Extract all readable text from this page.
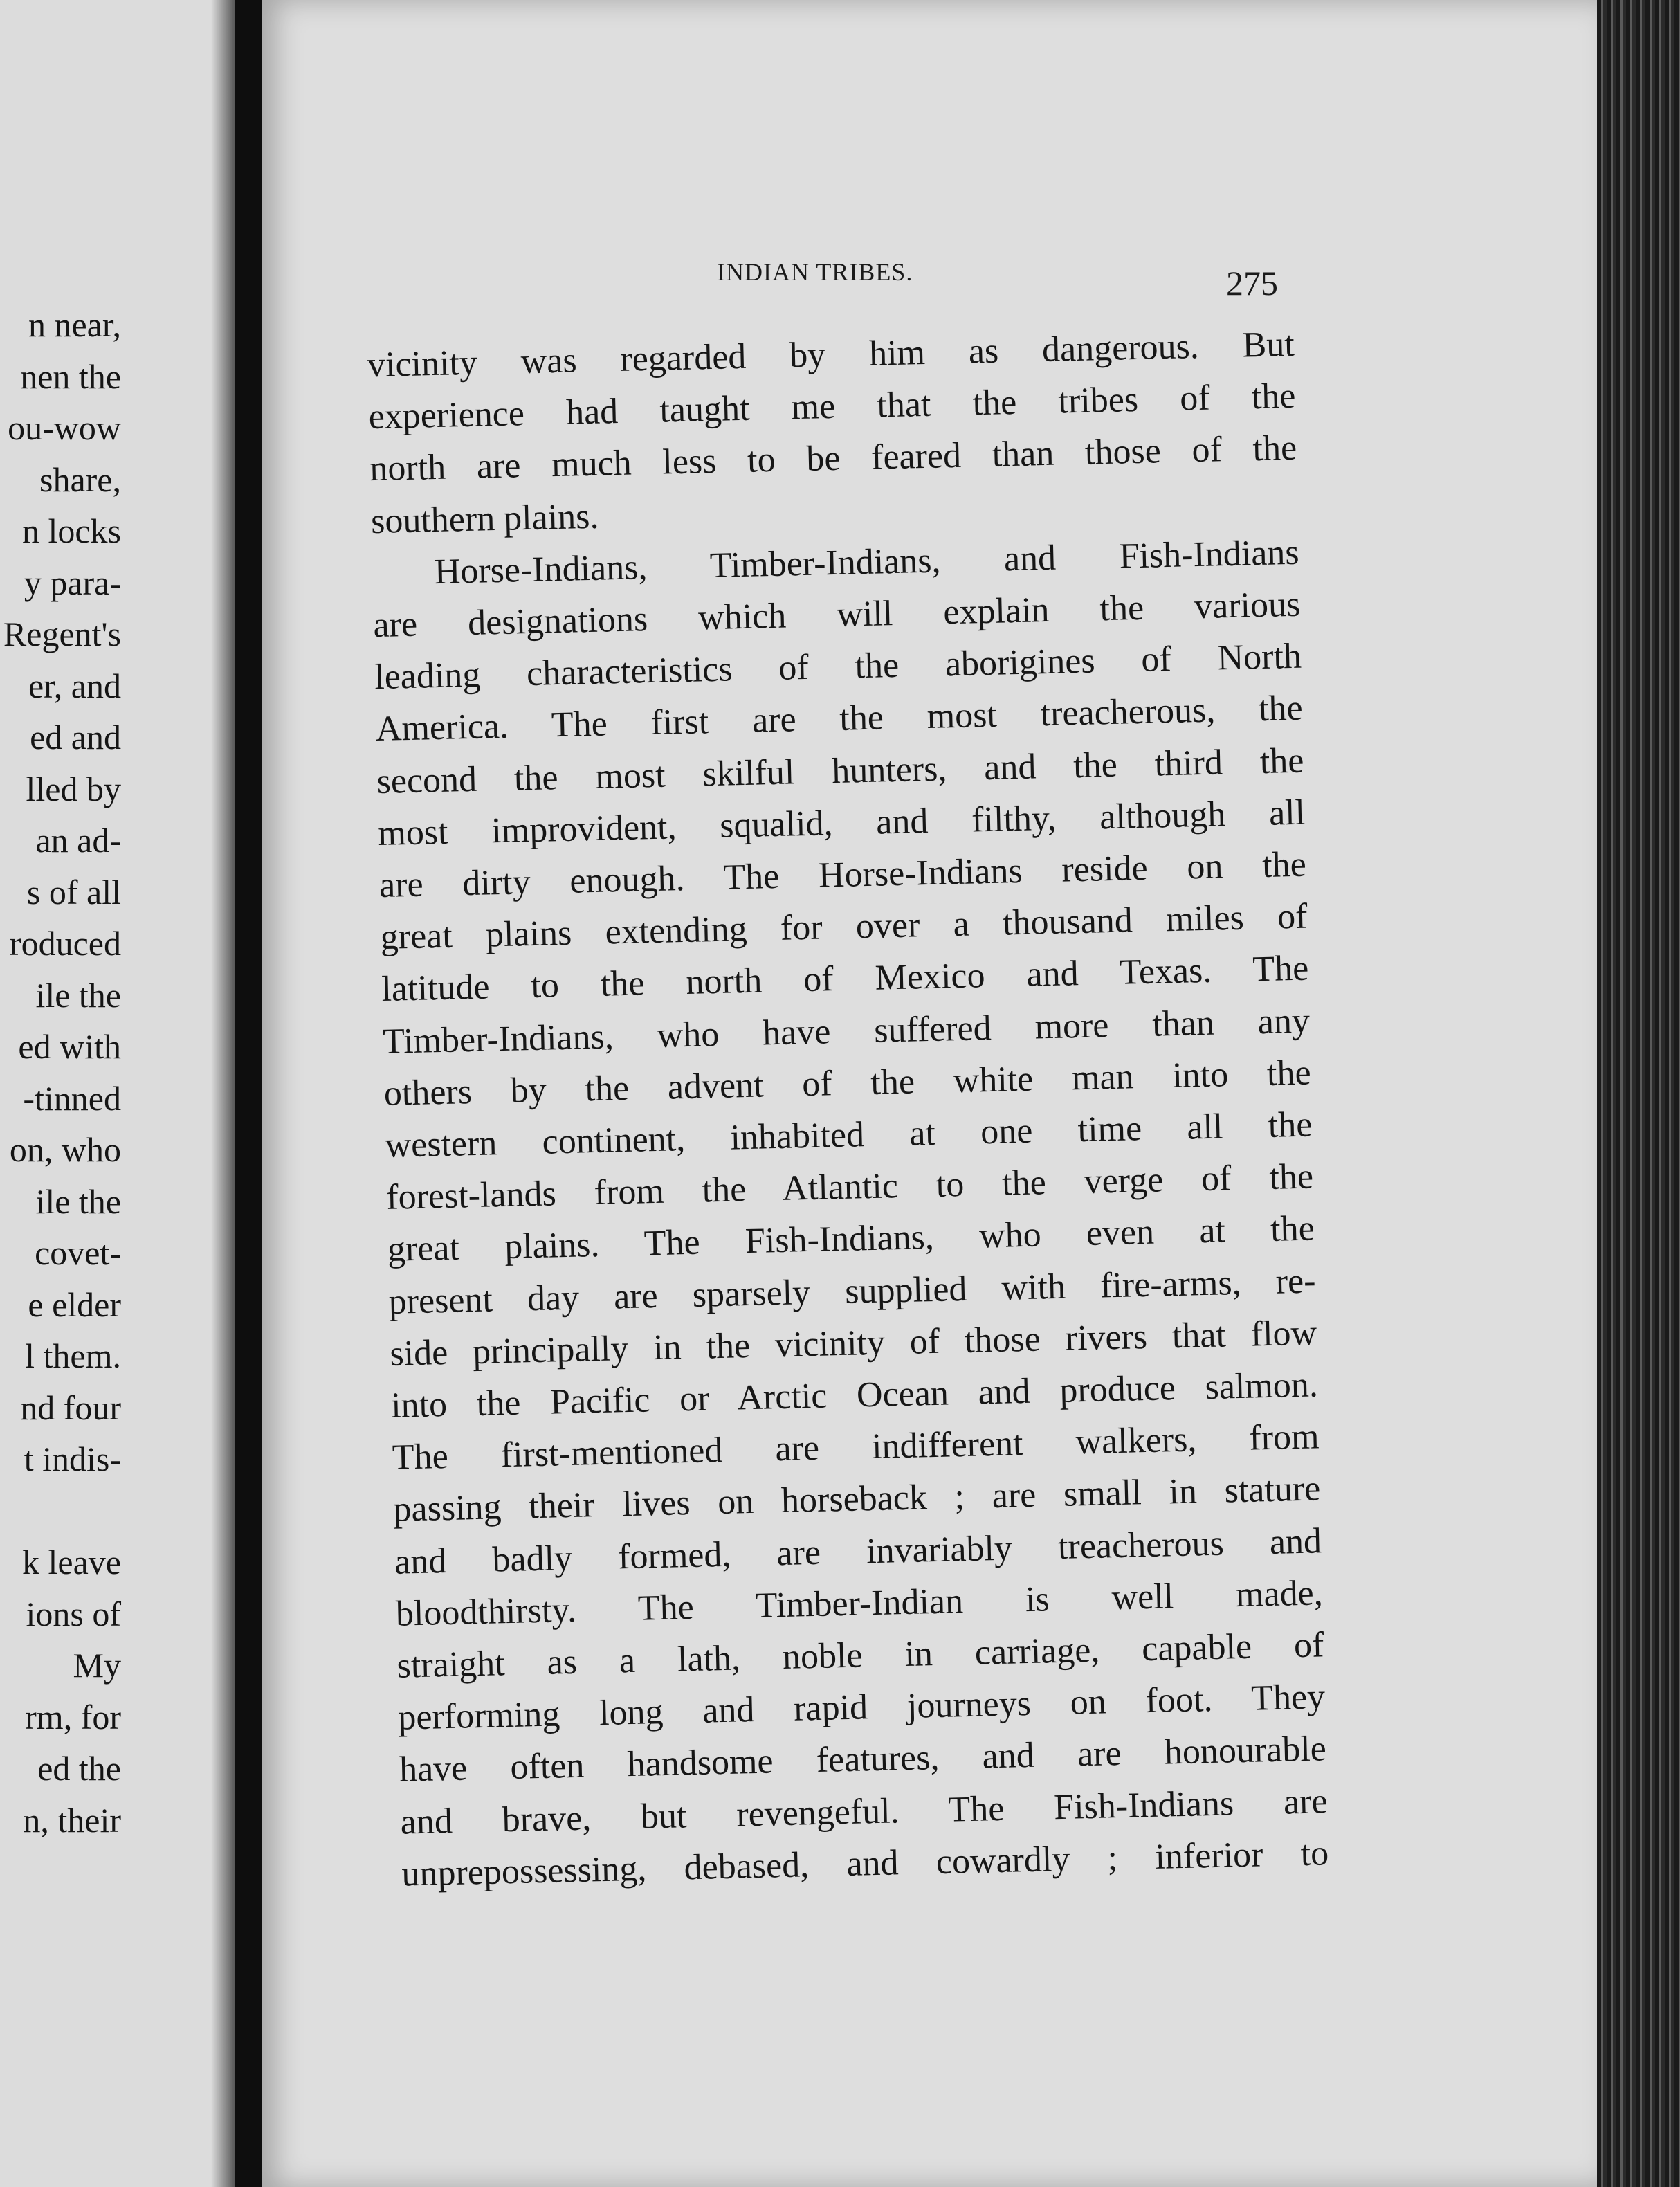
n near,
nen the
ou-wow
share,
n locks
y para-
Regent's
er, and
ed and
lled by
an ad-
s of all
roduced
ile the
ed with
-tinned
on, who
ile the
covet-
e elder
l them.
nd four
t indis-
k leave
ions of
My
rm, for
ed the
n, their
INDIAN TRIBES.	275
vicinity was regarded by him as dangerous. But
experience had taught me that the tribes of the
north are much less to be feared than those of the
southern plains.
Horse-Indians, Timber-Indians, and Fish-Indians
are designations which will explain the various
leading characteristics of the aborigines of North
America. The first are the most treacherous, the
second the most skilful hunters, and the third the
most improvident, squalid, and filthy, although all
are dirty enough. The Horse-Indians reside on the
great plains extending for over a thousand miles of
latitude to the north of Mexico and Texas. The
Timber-Indians, who have suffered more than any
others by the advent of the white man into the
western continent, inhabited at one time all the
forest-lands from the Atlantic to the verge of the
great plains. The Fish-Indians, who even at the
present day are sparsely supplied with fire-arms, re-
side principally in the vicinity of those rivers that flow
into the Pacific or Arctic Ocean and produce salmon.
The first-mentioned are indifferent walkers, from
passing their lives on horseback ; are small in stature
and badly formed, are invariably treacherous and
bloodthirsty. The Timber-Indian is well made,
straight as a lath, noble in carriage, capable of
performing long and rapid journeys on foot. They
have often handsome features, and are honourable
and brave, but revengeful. The Fish-Indians are
unprepossessing, debased, and cowardly ; inferior to
